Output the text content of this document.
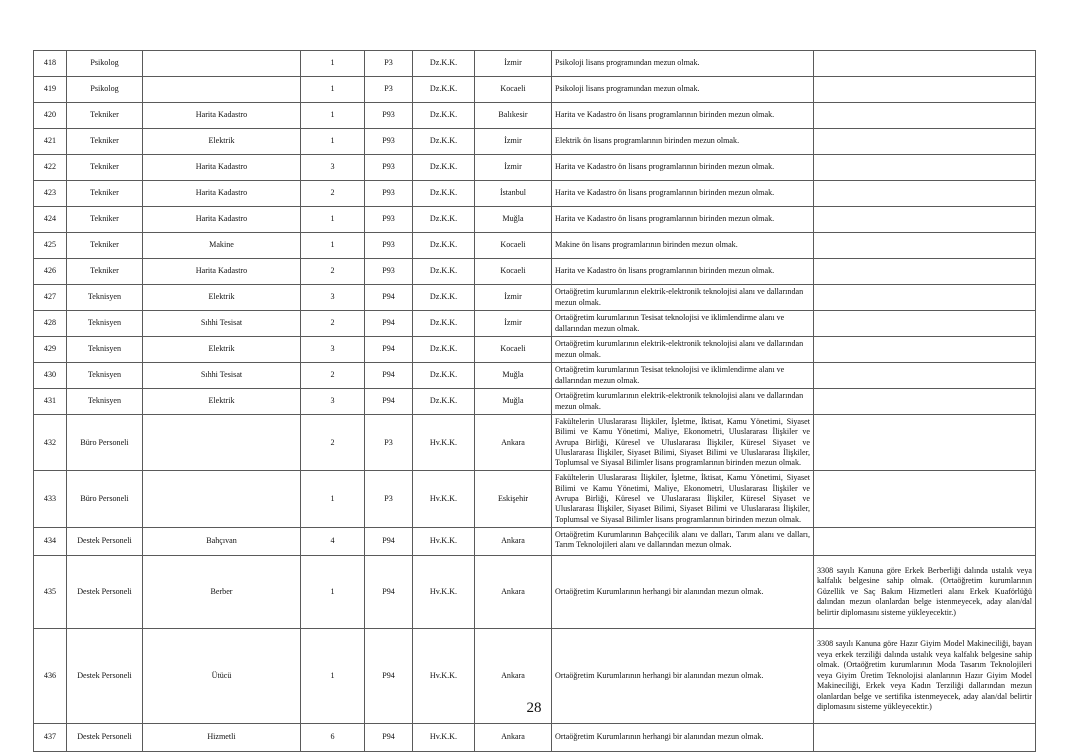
418	Psikolog		1	P3	Dz.K.K.	İzmir	Psikoloji lisans programından mezun olmak.	
419	Psikolog		1	P3	Dz.K.K.	Kocaeli	Psikoloji lisans programından mezun olmak.	
420	Tekniker	Harita Kadastro	1	P93	Dz.K.K.	Balıkesir	Harita ve Kadastro ön lisans programlarının birinden mezun olmak.	
421	Tekniker	Elektrik	1	P93	Dz.K.K.	İzmir	Elektrik ön lisans programlarının birinden mezun olmak.	
422	Tekniker	Harita Kadastro	3	P93	Dz.K.K.	İzmir	Harita ve Kadastro ön lisans programlarının birinden mezun olmak.	
423	Tekniker	Harita Kadastro	2	P93	Dz.K.K.	İstanbul	Harita ve Kadastro ön lisans programlarının birinden mezun olmak.	
424	Tekniker	Harita Kadastro	1	P93	Dz.K.K.	Muğla	Harita ve Kadastro ön lisans programlarının birinden mezun olmak.	
425	Tekniker	Makine	1	P93	Dz.K.K.	Kocaeli	Makine ön lisans programlarının birinden mezun olmak.	
426	Tekniker	Harita Kadastro	2	P93	Dz.K.K.	Kocaeli	Harita ve Kadastro ön lisans programlarının birinden mezun olmak.	
427	Teknisyen	Elektrik	3	P94	Dz.K.K.	İzmir	Ortaöğretim kurumlarının elektrik-elektronik teknolojisi alanı ve dallarından mezun olmak.	
428	Teknisyen	Sıhhi Tesisat	2	P94	Dz.K.K.	İzmir	Ortaöğretim kurumlarının Tesisat teknolojisi ve iklimlendirme alanı ve dallarından mezun olmak.	
429	Teknisyen	Elektrik	3	P94	Dz.K.K.	Kocaeli	Ortaöğretim kurumlarının elektrik-elektronik teknolojisi alanı ve dallarından mezun olmak.	
430	Teknisyen	Sıhhi Tesisat	2	P94	Dz.K.K.	Muğla	Ortaöğretim kurumlarının Tesisat teknolojisi ve iklimlendirme alanı ve dallarından mezun olmak.	
431	Teknisyen	Elektrik	3	P94	Dz.K.K.	Muğla	Ortaöğretim kurumlarının elektrik-elektronik teknolojisi alanı ve dallarından mezun olmak.	
432	Büro Personeli		2	P3	Hv.K.K.	Ankara	Fakültelerin Uluslararası İlişkiler, İşletme, İktisat, Kamu Yönetimi, Siyaset Bilimi ve Kamu Yönetimi, Maliye, Ekonometri, Uluslararası İlişkiler ve Avrupa Birliği, Küresel ve Uluslararası İlişkiler, Küresel Siyaset ve Uluslararası İlişkiler, Siyaset Bilimi, Siyaset Bilimi ve Uluslararası İlişkiler, Toplumsal ve Siyasal Bilimler lisans programlarının birinden mezun olmak.	
433	Büro Personeli		1	P3	Hv.K.K.	Eskişehir	Fakültelerin Uluslararası İlişkiler, İşletme, İktisat, Kamu Yönetimi, Siyaset Bilimi ve Kamu Yönetimi, Maliye, Ekonometri, Uluslararası İlişkiler ve Avrupa Birliği, Küresel ve Uluslararası İlişkiler, Küresel Siyaset ve Uluslararası İlişkiler, Siyaset Bilimi, Siyaset Bilimi ve Uluslararası İlişkiler, Toplumsal ve Siyasal Bilimler lisans programlarının birinden mezun olmak.	
434	Destek Personeli	Bahçıvan	4	P94	Hv.K.K.	Ankara	Ortaöğretim Kurumlarının Bahçecilik alanı ve dalları, Tarım alanı ve dalları, Tarım Teknolojileri alanı ve dallarından mezun olmak.	
435	Destek Personeli	Berber	1	P94	Hv.K.K.	Ankara	Ortaöğretim Kurumlarının herhangi bir alanından mezun olmak.	3308 sayılı Kanuna göre Erkek Berberliği dalında ustalık veya kalfalık belgesine sahip olmak. (Ortaöğretim kurumlarının Güzellik ve Saç Bakım Hizmetleri alanı Erkek Kuaförlüğü dalından mezun olanlardan belge istenmeyecek, aday alan/dal belirtir diplomasını sisteme yükleyecektir.)
436	Destek Personeli	Ütücü	1	P94	Hv.K.K.	Ankara	Ortaöğretim Kurumlarının herhangi bir alanından mezun olmak.	3308 sayılı Kanuna göre Hazır Giyim Model Makineciliği, bayan veya erkek terziliği dalında ustalık veya kalfalık belgesine sahip olmak. (Ortaöğretim kurumlarının Moda Tasarım Teknolojileri veya Giyim Üretim Teknolojisi alanlarının Hazır Giyim Model Makineciliği, Erkek veya Kadın Terziliği dallarından mezun olanlardan belge ve sertifika istenmeyecek, aday alan/dal belirtir diplomasını sisteme yükleyecektir.)
437	Destek Personeli	Hizmetli	6	P94	Hv.K.K.	Ankara	Ortaöğretim Kurumlarının herhangi bir alanından mezun olmak.	
28
